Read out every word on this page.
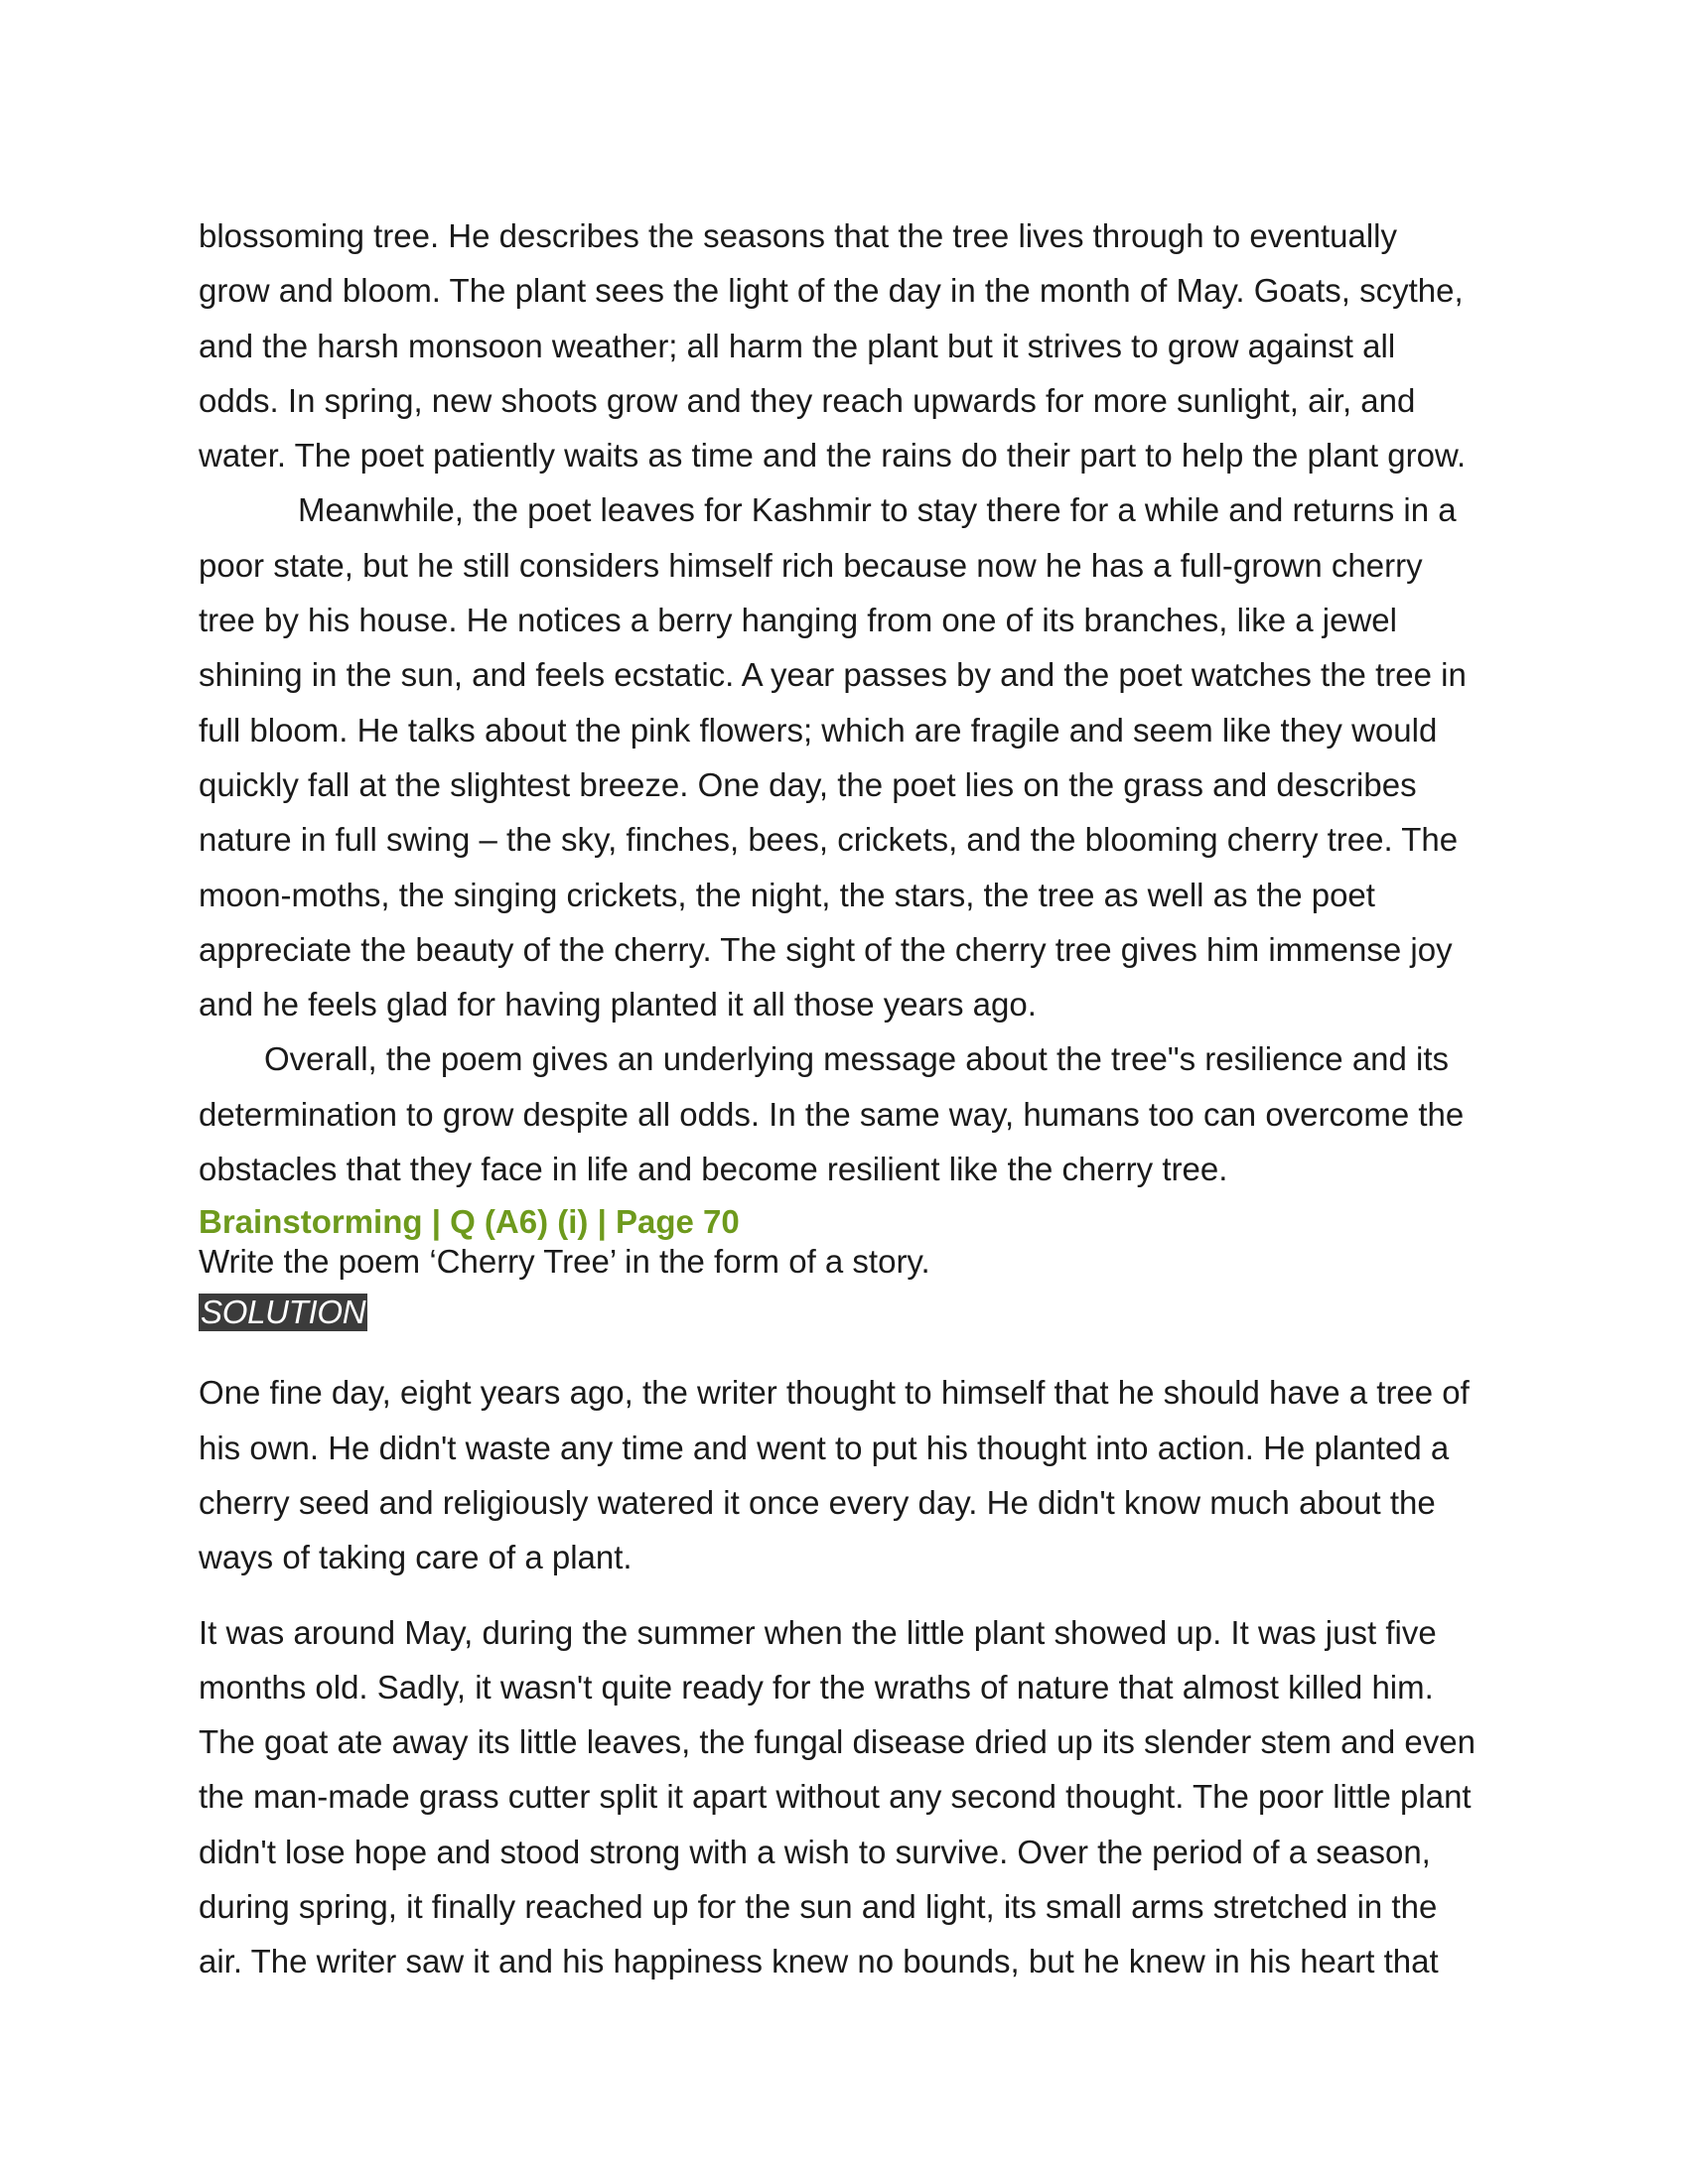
blossoming tree. He describes the seasons that the tree lives through to eventually
grow and bloom. The plant sees the light of the day in the month of May. Goats, scythe,
and the harsh monsoon weather; all harm the plant but it strives to grow against all
odds. In spring, new shoots grow and they reach upwards for more sunlight, air, and
water. The poet patiently waits as time and the rains do their part to help the plant grow.

Meanwhile, the poet leaves for Kashmir to stay there for a while and returns in a
poor state, but he still considers himself rich because now he has a full-grown cherry
tree by his house. He notices a berry hanging from one of its branches, like a jewel
shining in the sun, and feels ecstatic. A year passes by and the poet watches the tree in
full bloom. He talks about the pink flowers; which are fragile and seem like they would
quickly fall at the slightest breeze. One day, the poet lies on the grass and describes
nature in full swing – the sky, finches, bees, crickets, and the blooming cherry tree. The
moon-moths, the singing crickets, the night, the stars, the tree as well as the poet
appreciate the beauty of the cherry. The sight of the cherry tree gives him immense joy
and he feels glad for having planted it all those years ago.

Overall, the poem gives an underlying message about the tree"s resilience and its
determination to grow despite all odds. In the same way, humans too can overcome the
obstacles that they face in life and become resilient like the cherry tree.

Brainstorming | Q (A6) (i) | Page 70

Write the poem ‘Cherry Tree’ in the form of a story.

SOLUTION

One fine day, eight years ago, the writer thought to himself that he should have a tree of
his own. He didn't waste any time and went to put his thought into action. He planted a
cherry seed and religiously watered it once every day. He didn't know much about the
ways of taking care of a plant.

It was around May, during the summer when the little plant showed up. It was just five
months old. Sadly, it wasn't quite ready for the wraths of nature that almost killed him.
The goat ate away its little leaves, the fungal disease dried up its slender stem and even
the man-made grass cutter split it apart without any second thought. The poor little plant
didn't lose hope and stood strong with a wish to survive. Over the period of a season,
during spring, it finally reached up for the sun and light, its small arms stretched in the
air. The writer saw it and his happiness knew no bounds, but he knew in his heart that
